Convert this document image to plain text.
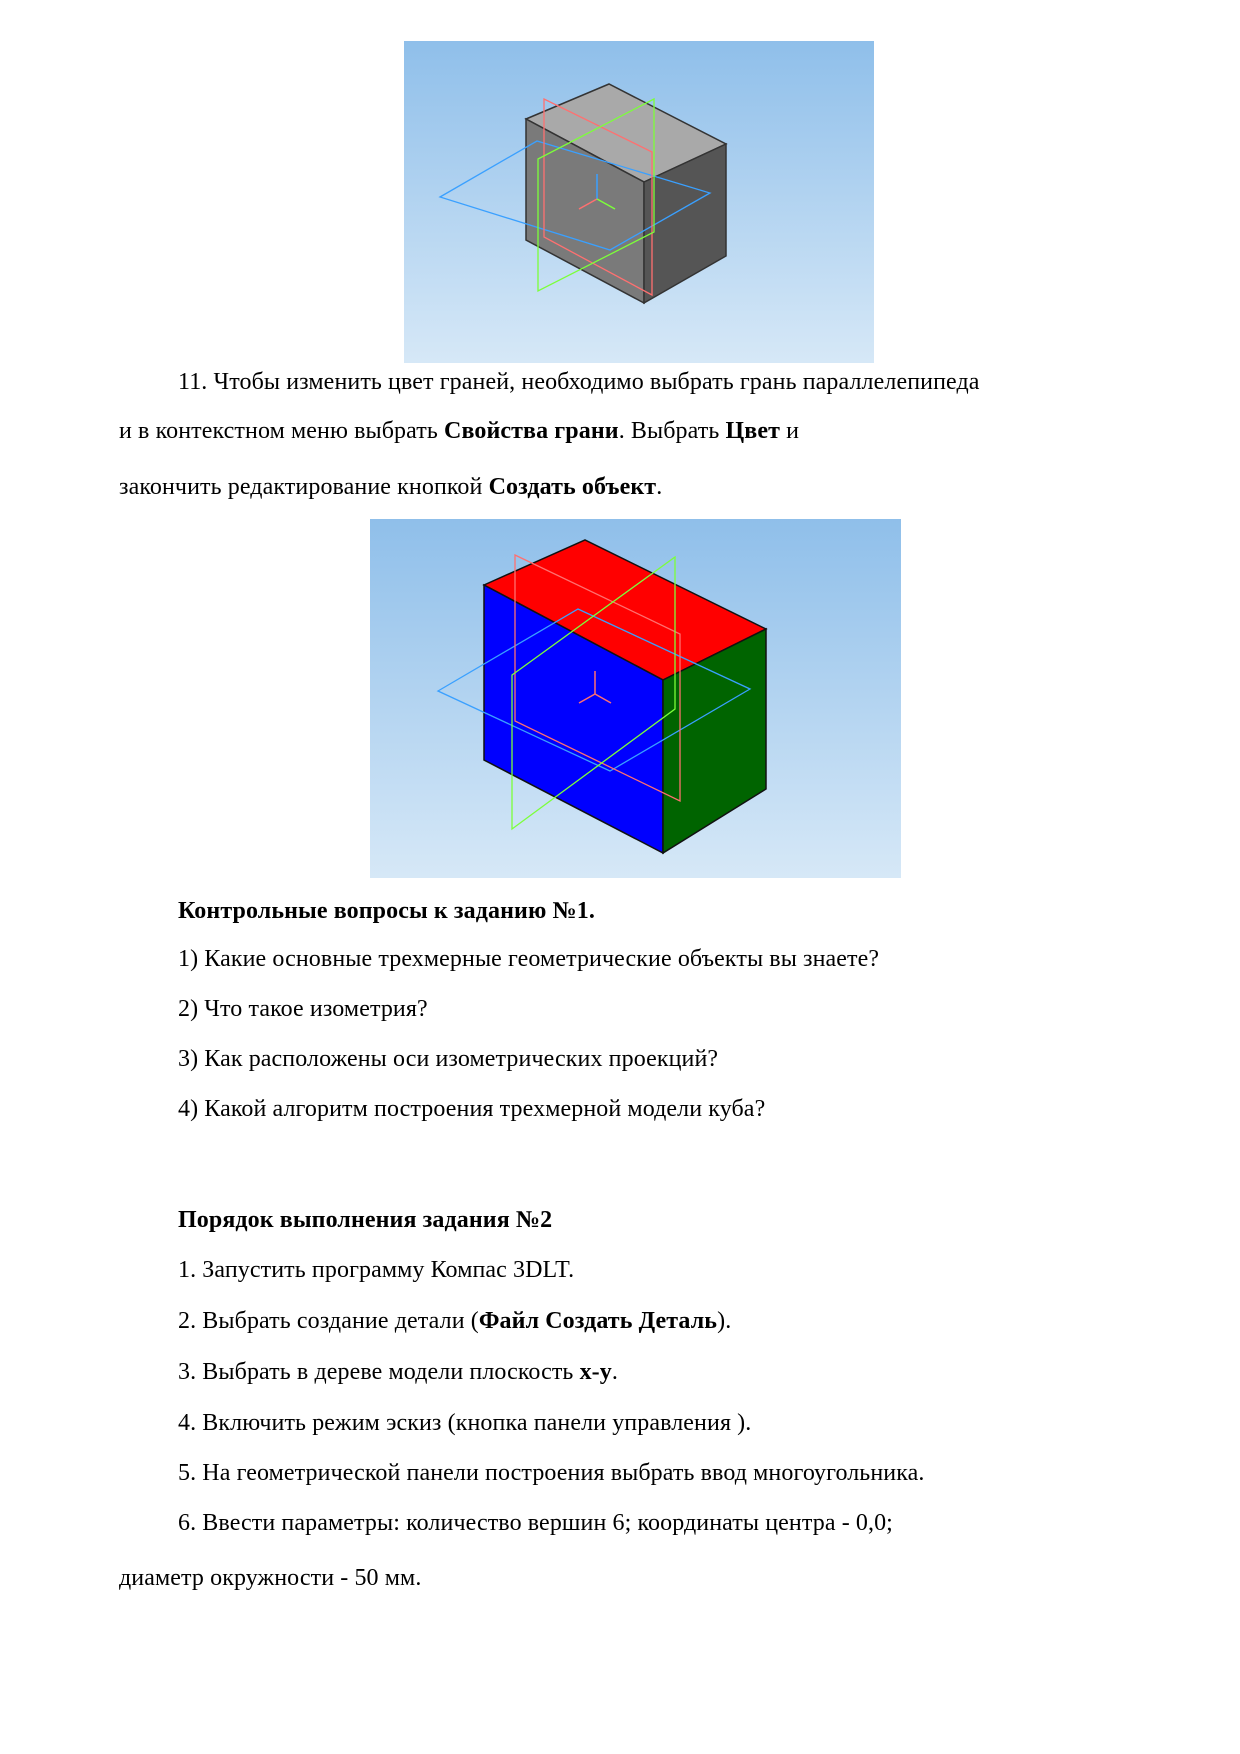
11. Чтобы изменить цвет граней, необходимо выбрать грань параллелепипеда
и в контекстном меню выбрать Свойства грани. Выбрать Цвет и
закончить редактирование кнопкой Создать объект.
Контрольные вопросы к заданию №1.
1) Какие основные трехмерные геометрические объекты вы знаете?
2) Что такое изометрия?
3) Как расположены оси изометрических проекций?
4) Какой алгоритм построения трехмерной модели куба?
Порядок выполнения задания №2
1. Запустить программу Компас 3DLT.
2. Выбрать создание детали (Файл Создать Деталь).
3. Выбрать в дереве модели плоскость x-y.
4. Включить режим эскиз (кнопка панели управления ).
5. На геометрической панели построения выбрать ввод многоугольника.
6. Ввести параметры: количество вершин 6; координаты центра - 0,0;
диаметр окружности - 50 мм.
